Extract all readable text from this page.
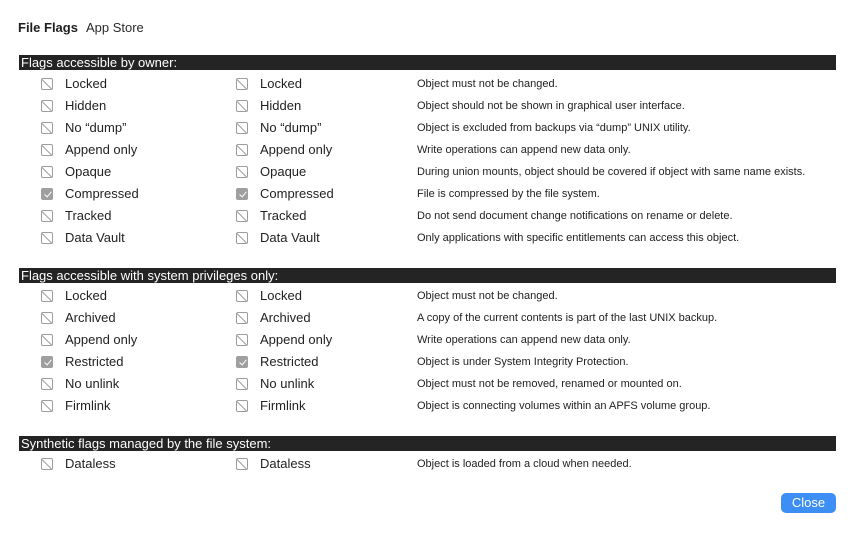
File Flags App Store
Flags accessible by owner:
Locked	Locked	Object must not be changed.
Hidden	Hidden	Object should not be shown in graphical user interface.
No “dump”	No “dump”	Object is excluded from backups via “dump” UNIX utility.
Append only	Append only	Write operations can append new data only.
Opaque	Opaque	During union mounts, object should be covered if object with same name exists.
Compressed	Compressed	File is compressed by the file system.
Tracked	Tracked	Do not send document change notifications on rename or delete.
Data Vault	Data Vault	Only applications with specific entitlements can access this object.
Flags accessible with system privileges only:
Locked	Locked	Object must not be changed.
Archived	Archived	A copy of the current contents is part of the last UNIX backup.
Append only	Append only	Write operations can append new data only.
Restricted	Restricted	Object is under System Integrity Protection.
No unlink	No unlink	Object must not be removed, renamed or mounted on.
Firmlink	Firmlink	Object is connecting volumes within an APFS volume group.
Synthetic flags managed by the file system:
Dataless	Dataless	Object is loaded from a cloud when needed.
Close
